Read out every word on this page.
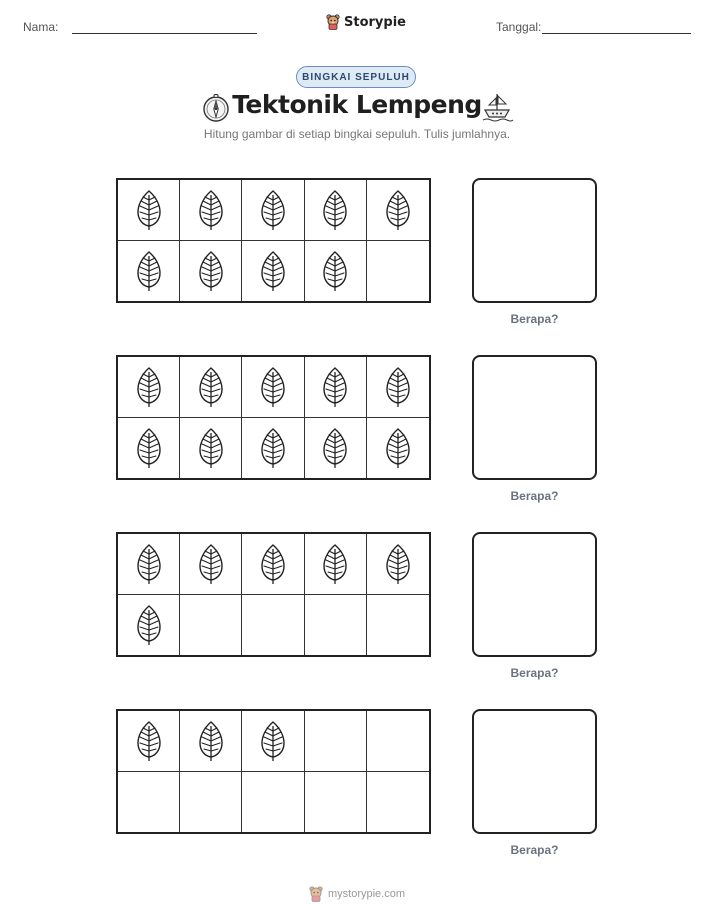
Nama:	Storypie	Tanggal:
BINGKAI SEPULUH
Tektonik Lempeng
Hitung gambar di setiap bingkai sepuluh. Tulis jumlahnya.
Berapa?
Berapa?
Berapa?
Berapa?
mystorypie.com
